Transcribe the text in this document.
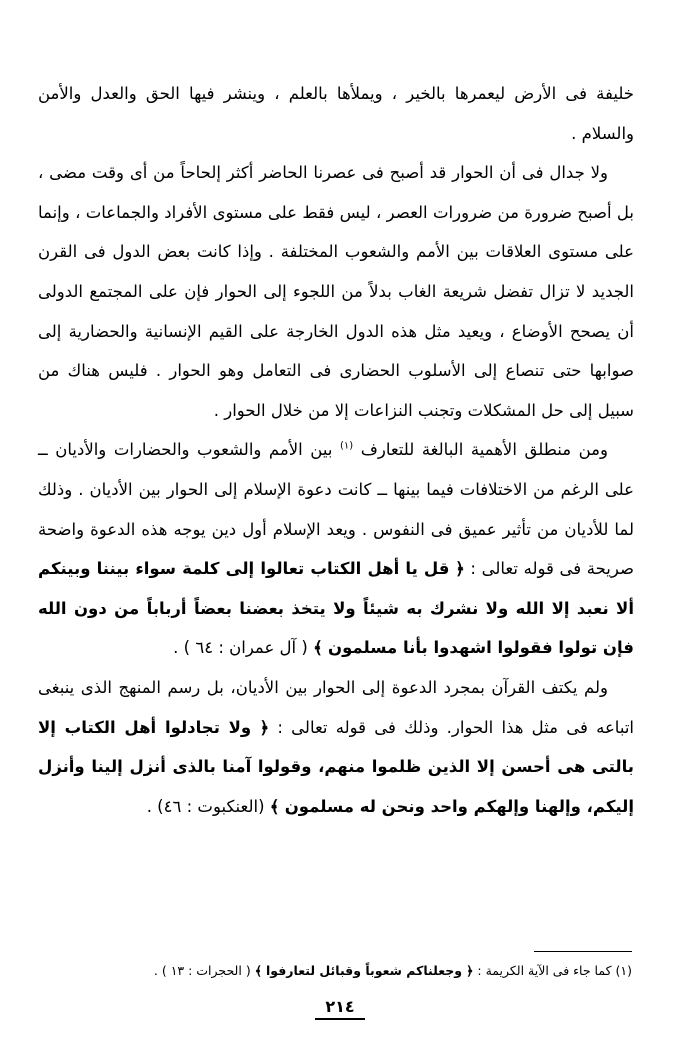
خليفة فى الأرض ليعمرها بالخير ، ويملأها بالعلم ، وينشر فيها الحق والعدل والأمن والسلام .

ولا جدال فى أن الحوار قد أصبح فى عصرنا الحاضر أكثر إلحاحاً من أى وقت مضى ، بل أصبح ضرورة من ضرورات العصر ، ليس فقط على مستوى الأفراد والجماعات ، وإنما على مستوى العلاقات بين الأمم والشعوب المختلفة . وإذا كانت بعض الدول فى القرن الجديد لا تزال تفضل شريعة الغاب بدلاً من اللجوء إلى الحوار فإن على المجتمع الدولى أن يصحح الأوضاع ، ويعيد مثل هذه الدول الخارجة على القيم الإنسانية والحضارية إلى صوابها حتى تنصاع إلى الأسلوب الحضارى فى التعامل وهو الحوار . فليس هناك من سبيل إلى حل المشكلات وتجنب النزاعات إلا من خلال الحوار .

ومن منطلق الأهمية البالغة للتعارف $^{(١)}$ بين الأمم والشعوب والحضارات والأديان ــ على الرغم من الاختلافات فيما بينها ــ كانت دعوة الإسلام إلى الحوار بين الأديان . وذلك لما للأديان من تأثير عميق فى النفوس . ويعد الإسلام أول دين يوجه هذه الدعوة واضحة صريحة فى قوله تعالى : ﴿ قل يا أهل الكتاب تعالوا إلى كلمة سواء بيننا وبينكم ألا نعبد إلا الله ولا نشرك به شيئاً ولا يتخذ بعضنا بعضاً أرباباً من دون الله فإن تولوا فقولوا اشهدوا بأنا مسلمون ﴾ ( آل عمران : ٦٤ ) .

ولم يكتف القرآن بمجرد الدعوة إلى الحوار بين الأديان، بل رسم المنهج الذى ينبغى اتباعه فى مثل هذا الحوار. وذلك فى قوله تعالى : ﴿ ولا تجادلوا أهل الكتاب إلا بالتى هى أحسن إلا الذين ظلموا منهم، وقولوا آمنا بالذى أنزل إلينا وأنزل إليكم، وإلهنا وإلهكم واحد ونحن له مسلمون ﴾ (العنكبوت : ٤٦) .

(١) كما جاء فى الآية الكريمة : ﴿ وجعلناكم شعوباً وقبائل لتعارفوا ﴾ ( الحجرات : ١٣ ) .

٢١٤
